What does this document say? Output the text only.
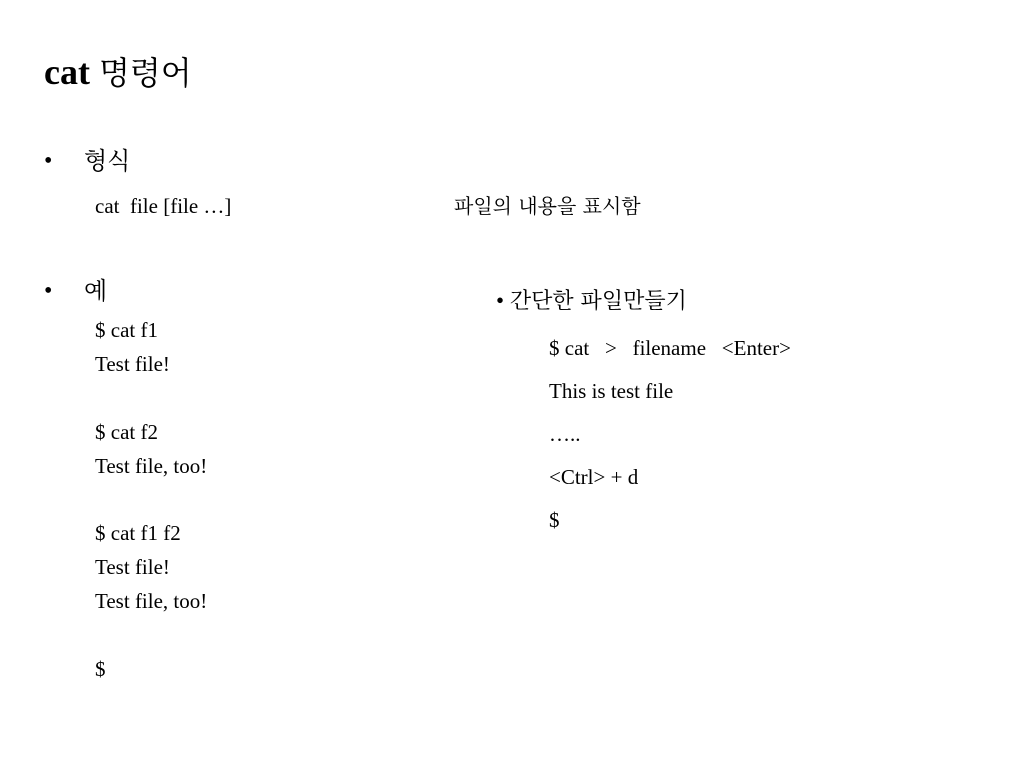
cat 명령어
• 형식
cat  file [file …]	파일의 내용을 표시함
• 예
$ cat f1
Test file!
$ cat f2
Test file, too!
$ cat f1 f2
Test file!
Test file, too!
$
• 간단한 파일만들기
$ cat   >   filename   <Enter>
This is test file
…..
<Ctrl> + d
$
